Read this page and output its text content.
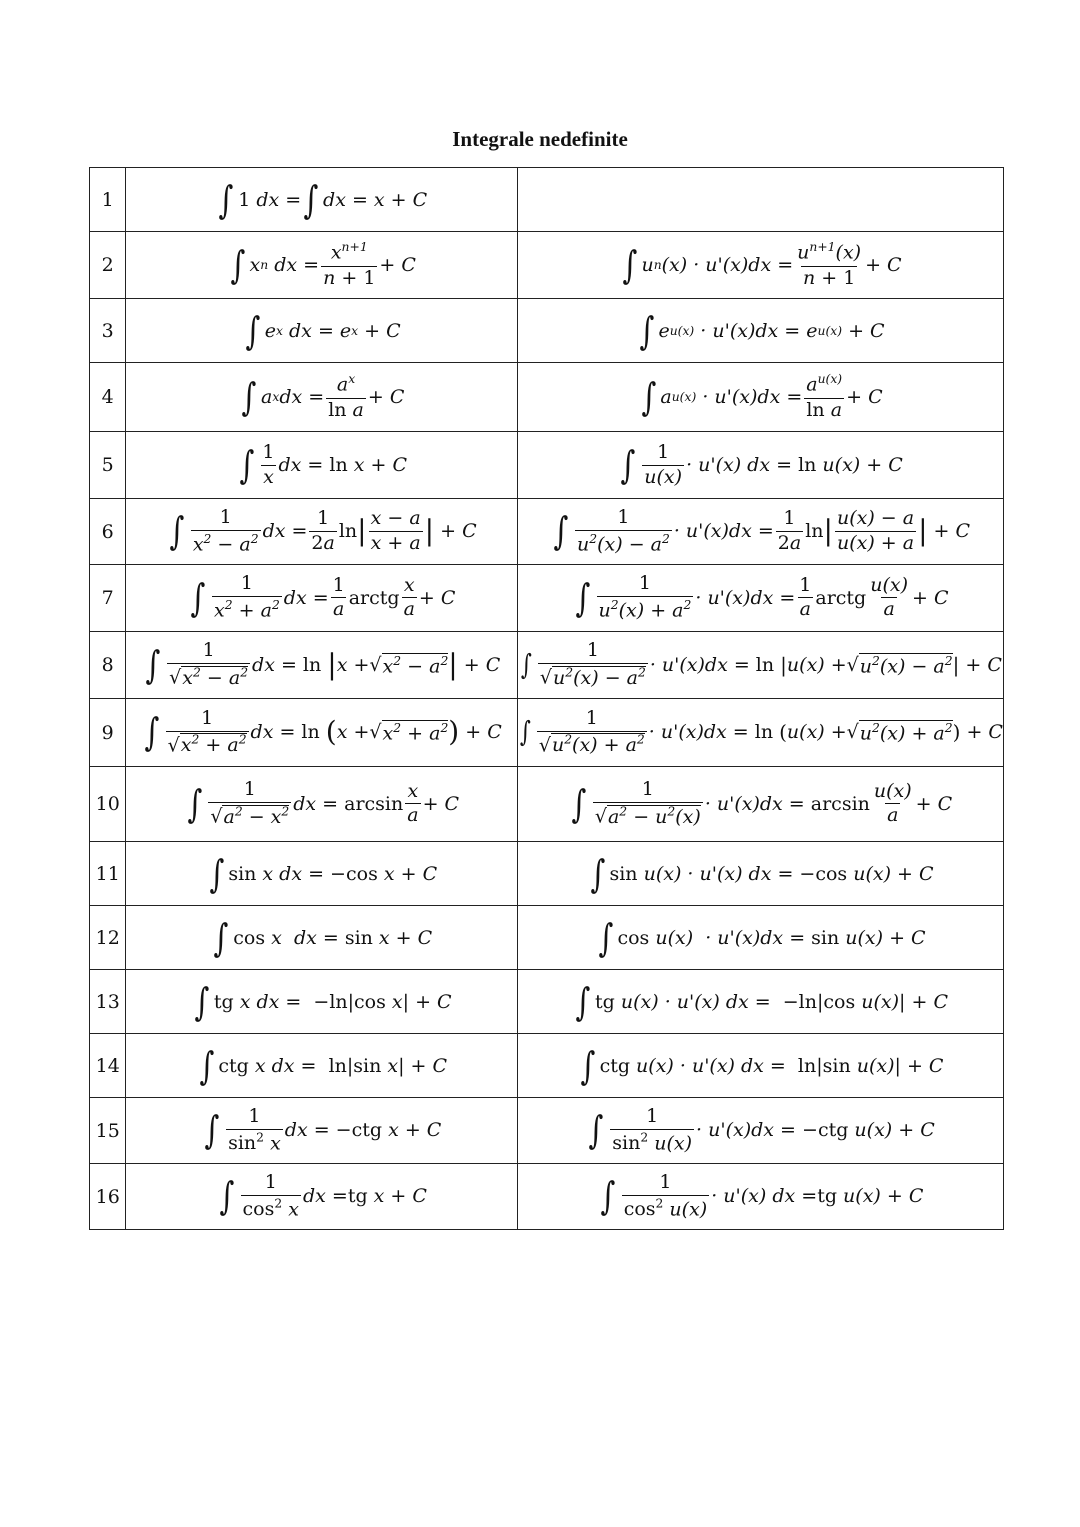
Integrale nedefinite
1	∫ 1 dx = ∫ dx = x + 𝐶	
2	∫ x n dx = $\frac{x^{n+1}}{n + 1}$ + 𝐶	∫ u n $(x) \cdot u'(x)dx = \frac{u^{n+1}(x)}{n + 1}$ + 𝐶
3	∫ e x dx = e x + 𝐶	∫ e u(x) · u'(x)dx = e u(x) + 𝐶
4	∫ a x dx = $\frac{a^x}{\text{ln a}}$ + 𝐶	∫ a $u(x) \cdot u'(x)dx = \frac{a^{u(x)}}{\text{ln a}}$ + 𝐶
5	∫ $\frac{1}{x}$ dx = ln x + 𝐶	∫ $\frac{1}{u(x)} \cdot u'(x)$ dx = ln u(x) + 𝐶
6	∫ $\frac{1}{x^2 - a^2}$ dx = $\frac{1}{2a}$ ln | $\frac{x - a}{x + a}$ | + 𝐶	∫ $\frac{1}{u^2(x) - a^2} \cdot u'(x)dx = \frac{1}{2a}$ ln | $\frac{u(x) - a}{u(x) + a}$ | + 𝐶
7	∫ $\frac{1}{x^2 + a^2}$ dx = $\frac{1}{a}$ arctg $\frac{x}{a}$ + 𝐶	∫ $\frac{1}{u^2(x) + a^2} \cdot u'(x)dx = \frac{1}{a}$ arctg $\frac{u(x)}{a}$ + 𝐶
8	∫ $\frac{1}{√x^2 - a^2}$ dx = ln | x + √ $x^2 - a^2$ | + 𝐶	∫ $\frac{1}{√u^2(x) - a^2} \cdot u'(x)dx = \ln$ | u(x) + √ $u^2(x) - a^2$ | + 𝐶
9	∫ $\frac{1}{√x^2 + a^2}$ dx = ln ( x + √ $x^2 + a^2$ ) + 𝐶	∫ $\frac{1}{√u^2(x) + a^2} \cdot u'(x)dx = \ln$ ( u(x) + √ $u^2(x) + a^2$ ) + 𝐶
10	∫ $\frac{1}{√a^2 - x^2}$ dx = $\arcsin \frac{x}{a}$ + 𝐶	∫ $\frac{1}{√a^2 - u^2(x)} \cdot u'(x)dx = \arcsin \frac{u(x)}{a}$ + 𝐶
11	∫ sin x dx = − cos x + 𝐶	∫ sin u(x) · u'(x) dx = − cos u(x) + 𝐶
12	∫ cos x  dx = sin x + 𝐶	∫ cos u(x)  · u'(x)dx = sin u(x) + 𝐶
13	∫ tg x dx =  − ln|cos x | + 𝐶	∫ tg u(x) · u'(x) dx =  − ln|cos u(x) | + 𝐶
14	∫ ctg x dx = ln|sin x | + 𝐶	∫ ctg u(x) · u'(x) dx = ln|sin u(x) | + 𝐶
15	∫ $\frac{1}{\sin^2 x}$ dx = − ctg x + 𝐶	∫ $\frac{1}{\sin^2 u(x)} \cdot u'(x)dx$ = − ctg u(x) + 𝐶
16	∫ $\frac{1}{\cos^2 x}$ dx = tg x + 𝐶	∫ $\frac{1}{\cos^2 u(x)} \cdot u'(x)$ dx = tg u(x) + 𝐶
